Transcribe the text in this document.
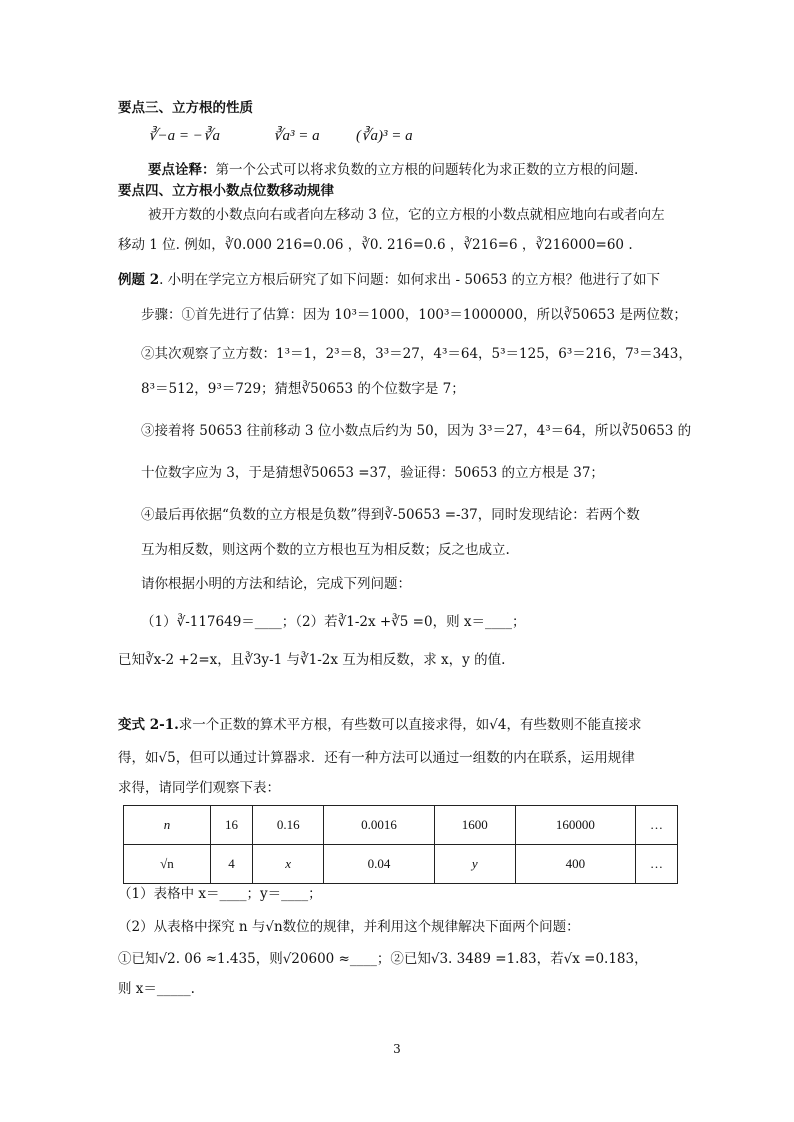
要点三、立方根的性质
∛−a = −∛a	∛a³ = a (∛a)³ = a
要点诠释：第一个公式可以将求负数的立方根的问题转化为求正数的立方根的问题.
要点四、立方根小数点位数移动规律
被开方数的小数点向右或者向左移动 3 位，它的立方根的小数点就相应地向右或者向左
移动 1 位. 例如，∛0.000 216=0.06 ，∛0. 216=0.6 ，∛216=6 ，∛216000=60 .
例题 2. 小明在学完立方根后研究了如下问题：如何求出 - 50653 的立方根？他进行了如下
步骤：①首先进行了估算：因为 10³＝1000，100³＝1000000，所以∛50653 是两位数；
②其次观察了立方数：1³＝1，2³＝8，3³＝27，4³＝64，5³＝125，6³＝216，7³＝343，
8³＝512，9³＝729；猜想∛50653 的个位数字是 7；
③接着将 50653 往前移动 3 位小数点后约为 50，因为 3³＝27，4³＝64，所以∛50653 的
十位数字应为 3，于是猜想∛50653 =37，验证得：50653 的立方根是 37；
④最后再依据“负数的立方根是负数”得到∛-50653 =-37，同时发现结论：若两个数
互为相反数，则这两个数的立方根也互为相反数；反之也成立.
请你根据小明的方法和结论，完成下列问题：
（1）∛-117649＝____；（2）若∛1-2x +∛5 =0，则 x＝____；
已知∛x-2 +2=x，且∛3y-1 与∛1-2x 互为相反数，求 x，y 的值.
变式 2-1.求一个正数的算术平方根，有些数可以直接求得，如√4，有些数则不能直接求
得，如√5，但可以通过计算器求．还有一种方法可以通过一组数的内在联系，运用规律
求得，请同学们观察下表：
n	16	0.16	0.0016	1600	160000	…
√n	4	x	0.04	y	400	…
（1）表格中 x＝____；y＝____；
（2）从表格中探究 n 与√n数位的规律，并利用这个规律解决下面两个问题：
①已知√2. 06 ≈1.435，则√20600 ≈____；②已知√3. 3489 =1.83，若√x =0.183，
则 x＝_____.
3
